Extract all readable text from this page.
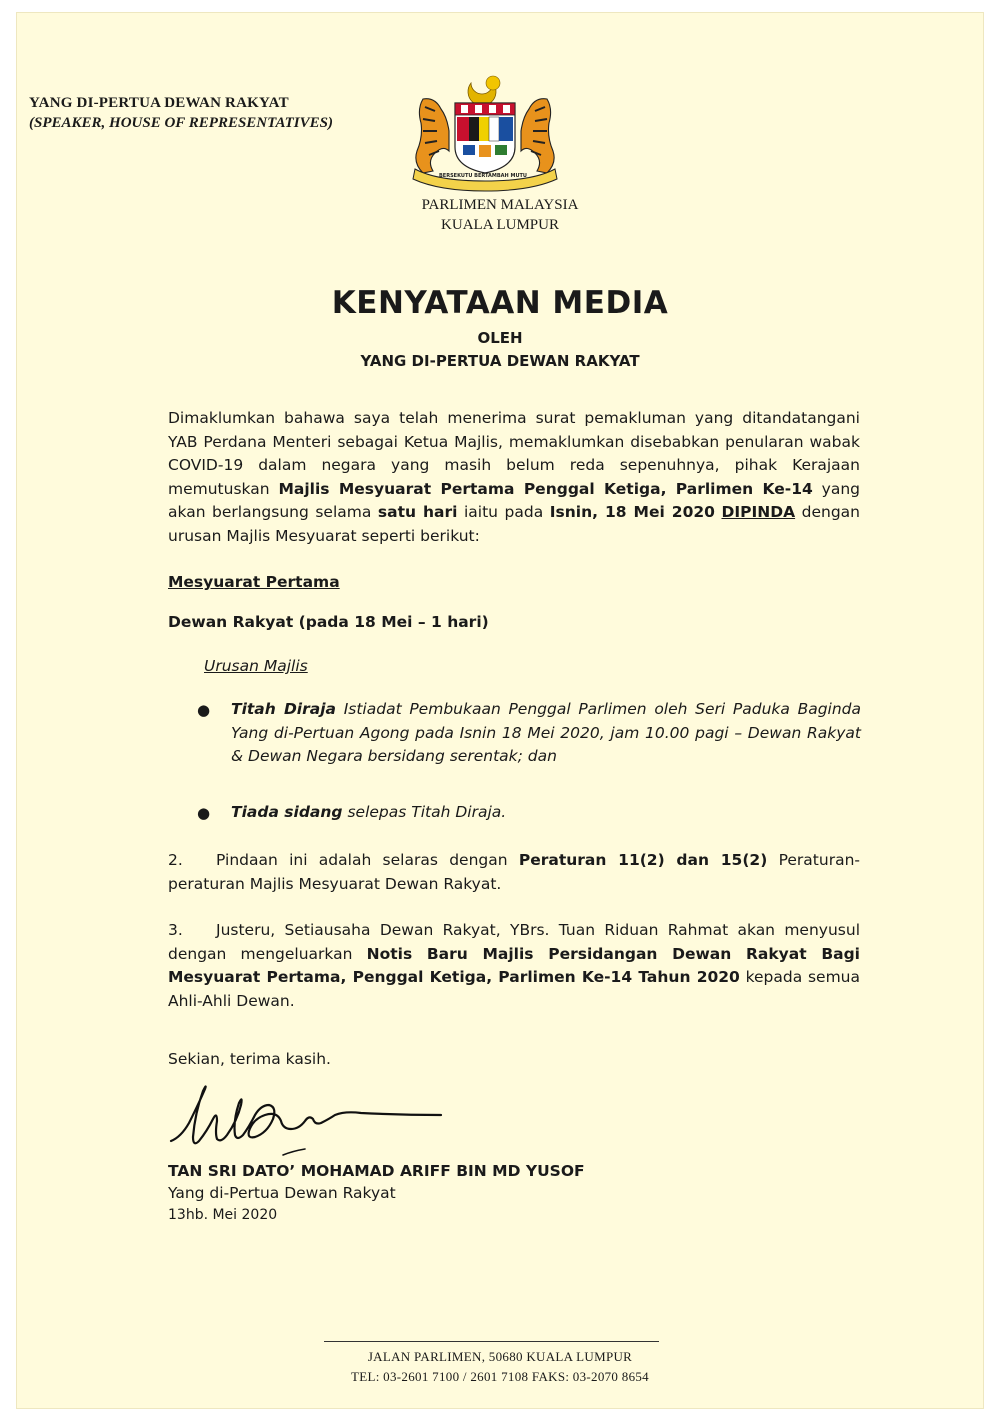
YANG DI-PERTUA DEWAN RAKYAT
(SPEAKER, HOUSE OF REPRESENTATIVES)
BERSEKUTU BERTAMBAH MUTU
PARLIMEN MALAYSIA
KUALA LUMPUR
KENYATAAN MEDIA
OLEH
YANG DI-PERTUA DEWAN RAKYAT
Dimaklumkan bahawa saya telah menerima surat pemakluman yang ditandatangani YAB Perdana Menteri sebagai Ketua Majlis, memaklumkan disebabkan penularan wabak COVID-19 dalam negara yang masih belum reda sepenuhnya, pihak Kerajaan memutuskan Majlis Mesyuarat Pertama Penggal Ketiga, Parlimen Ke-14 yang akan berlangsung selama satu hari iaitu pada Isnin, 18 Mei 2020 DIPINDA dengan urusan Majlis Mesyuarat seperti berikut:
Mesyuarat Pertama
Dewan Rakyat (pada 18 Mei – 1 hari)
Urusan Majlis
● Titah Diraja Istiadat Pembukaan Penggal Parlimen oleh Seri Paduka Baginda Yang di-Pertuan Agong pada Isnin 18 Mei 2020, jam 10.00 pagi – Dewan Rakyat & Dewan Negara bersidang serentak; dan
● Tiada sidang selepas Titah Diraja.
2. Pindaan ini adalah selaras dengan Peraturan 11(2) dan 15(2) Peraturan-peraturan Majlis Mesyuarat Dewan Rakyat.
3. Justeru, Setiausaha Dewan Rakyat, YBrs. Tuan Riduan Rahmat akan menyusul dengan mengeluarkan Notis Baru Majlis Persidangan Dewan Rakyat Bagi Mesyuarat Pertama, Penggal Ketiga, Parlimen Ke-14 Tahun 2020 kepada semua Ahli-Ahli Dewan.
Sekian, terima kasih.
TAN SRI DATO’ MOHAMAD ARIFF BIN MD YUSOF
Yang di-Pertua Dewan Rakyat
13hb. Mei 2020
JALAN PARLIMEN, 50680 KUALA LUMPUR
TEL: 03-2601 7100 / 2601 7108 FAKS: 03-2070 8654
